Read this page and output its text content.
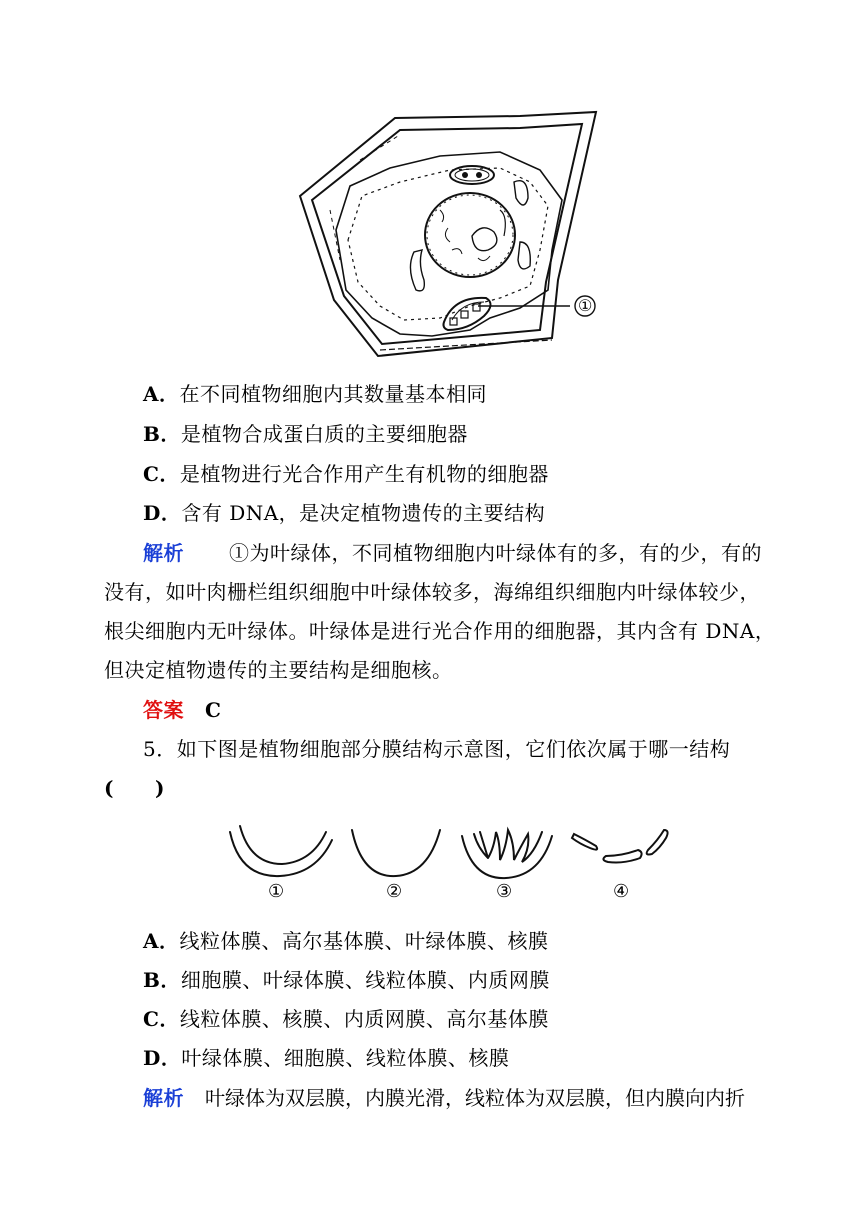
①
A．在不同植物细胞内其数量基本相同
B．是植物合成蛋白质的主要细胞器
C．是植物进行光合作用产生有机物的细胞器
D．含有 DNA，是决定植物遗传的主要结构
解析 ①为叶绿体，不同植物细胞内叶绿体有的多，有的少，有的
没有，如叶肉栅栏组织细胞中叶绿体较多，海绵组织细胞内叶绿体较少，
根尖细胞内无叶绿体。叶绿体是进行光合作用的细胞器，其内含有 DNA，
但决定植物遗传的主要结构是细胞核。
答案 C
5．如下图是植物细胞部分膜结构示意图，它们依次属于哪一结构
(　　)
①	②	③	④
A．线粒体膜、高尔基体膜、叶绿体膜、核膜
B．细胞膜、叶绿体膜、线粒体膜、内质网膜
C．线粒体膜、核膜、内质网膜、高尔基体膜
D．叶绿体膜、细胞膜、线粒体膜、核膜
解析 叶绿体为双层膜，内膜光滑，线粒体为双层膜，但内膜向内折
